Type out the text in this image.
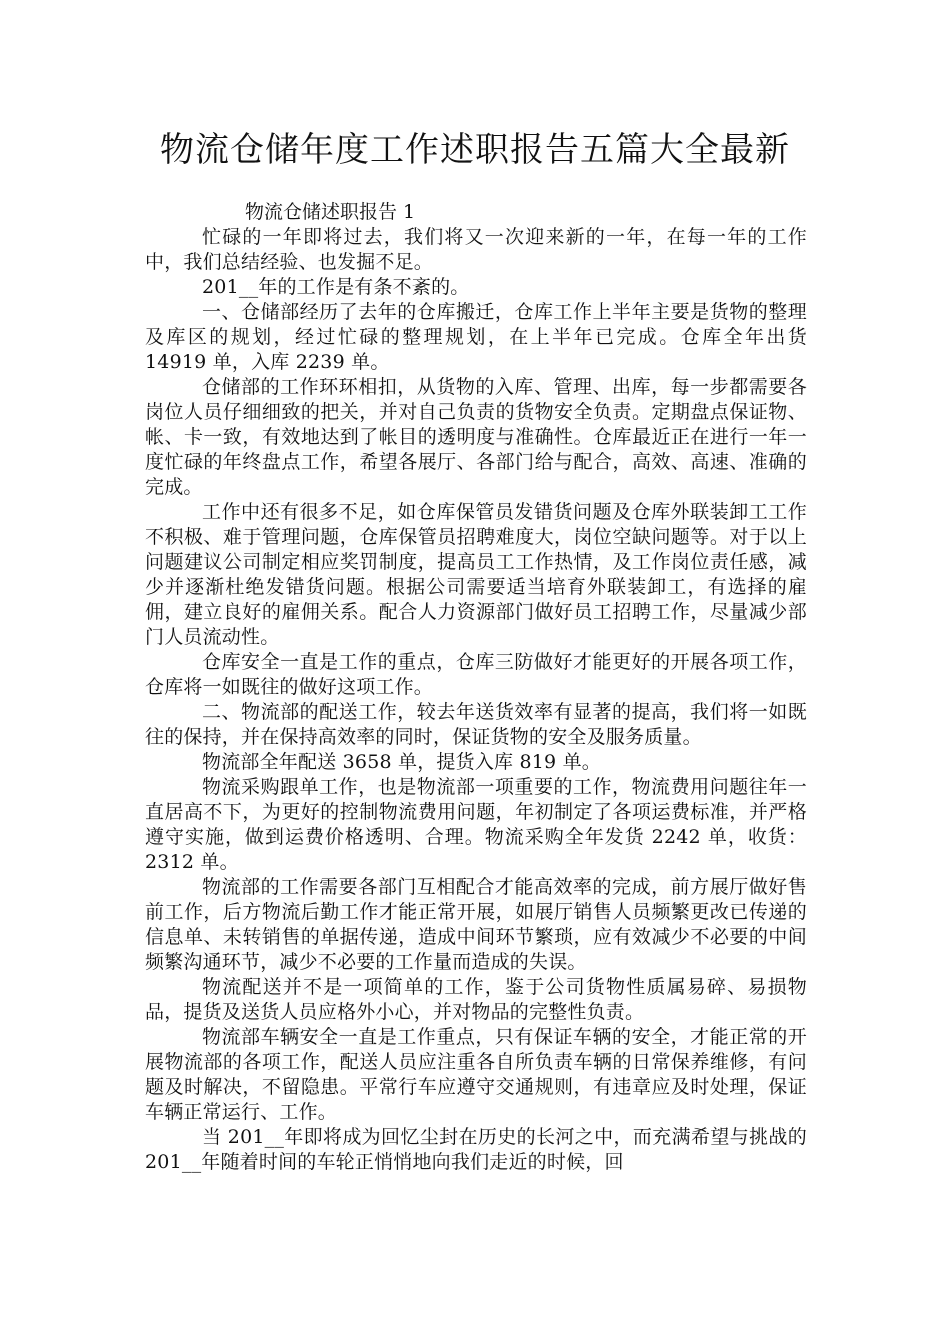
物流仓储年度工作述职报告五篇大全最新

物流仓储述职报告 1

忙碌的一年即将过去，我们将又一次迎来新的一年，在每一年的工作中，我们总结经验、也发掘不足。

201__年的工作是有条不紊的。

一、仓储部经历了去年的仓库搬迁，仓库工作上半年主要是货物的整理及库区的规划，经过忙碌的整理规划，在上半年已完成。仓库全年出货 14919 单，入库 2239 单。

仓储部的工作环环相扣，从货物的入库、管理、出库，每一步都需要各岗位人员仔细细致的把关，并对自己负责的货物安全负责。定期盘点保证物、帐、卡一致，有效地达到了帐目的透明度与准确性。仓库最近正在进行一年一度忙碌的年终盘点工作，希望各展厅、各部门给与配合，高效、高速、准确的完成。

工作中还有很多不足，如仓库保管员发错货问题及仓库外联装卸工工作不积极、难于管理问题，仓库保管员招聘难度大，岗位空缺问题等。对于以上问题建议公司制定相应奖罚制度，提高员工工作热情，及工作岗位责任感，减少并逐渐杜绝发错货问题。根据公司需要适当培育外联装卸工，有选择的雇佣，建立良好的雇佣关系。配合人力资源部门做好员工招聘工作，尽量减少部门人员流动性。

仓库安全一直是工作的重点，仓库三防做好才能更好的开展各项工作，仓库将一如既往的做好这项工作。

二、物流部的配送工作，较去年送货效率有显著的提高，我们将一如既往的保持，并在保持高效率的同时，保证货物的安全及服务质量。

物流部全年配送 3658 单，提货入库 819 单。

物流采购跟单工作，也是物流部一项重要的工作，物流费用问题往年一直居高不下，为更好的控制物流费用问题，年初制定了各项运费标准，并严格遵守实施，做到运费价格透明、合理。物流采购全年发货 2242 单，收货：2312 单。

物流部的工作需要各部门互相配合才能高效率的完成，前方展厅做好售前工作，后方物流后勤工作才能正常开展，如展厅销售人员频繁更改已传递的信息单、未转销售的单据传递，造成中间环节繁琐，应有效减少不必要的中间频繁沟通环节，减少不必要的工作量而造成的失误。

物流配送并不是一项简单的工作，鉴于公司货物性质属易碎、易损物品，提货及送货人员应格外小心，并对物品的完整性负责。

物流部车辆安全一直是工作重点，只有保证车辆的安全，才能正常的开展物流部的各项工作，配送人员应注重各自所负责车辆的日常保养维修，有问题及时解决，不留隐患。平常行车应遵守交通规则，有违章应及时处理，保证车辆正常运行、工作。

当 201__年即将成为回忆尘封在历史的长河之中，而充满希望与挑战的 201__年随着时间的车轮正悄悄地向我们走近的时候，回
